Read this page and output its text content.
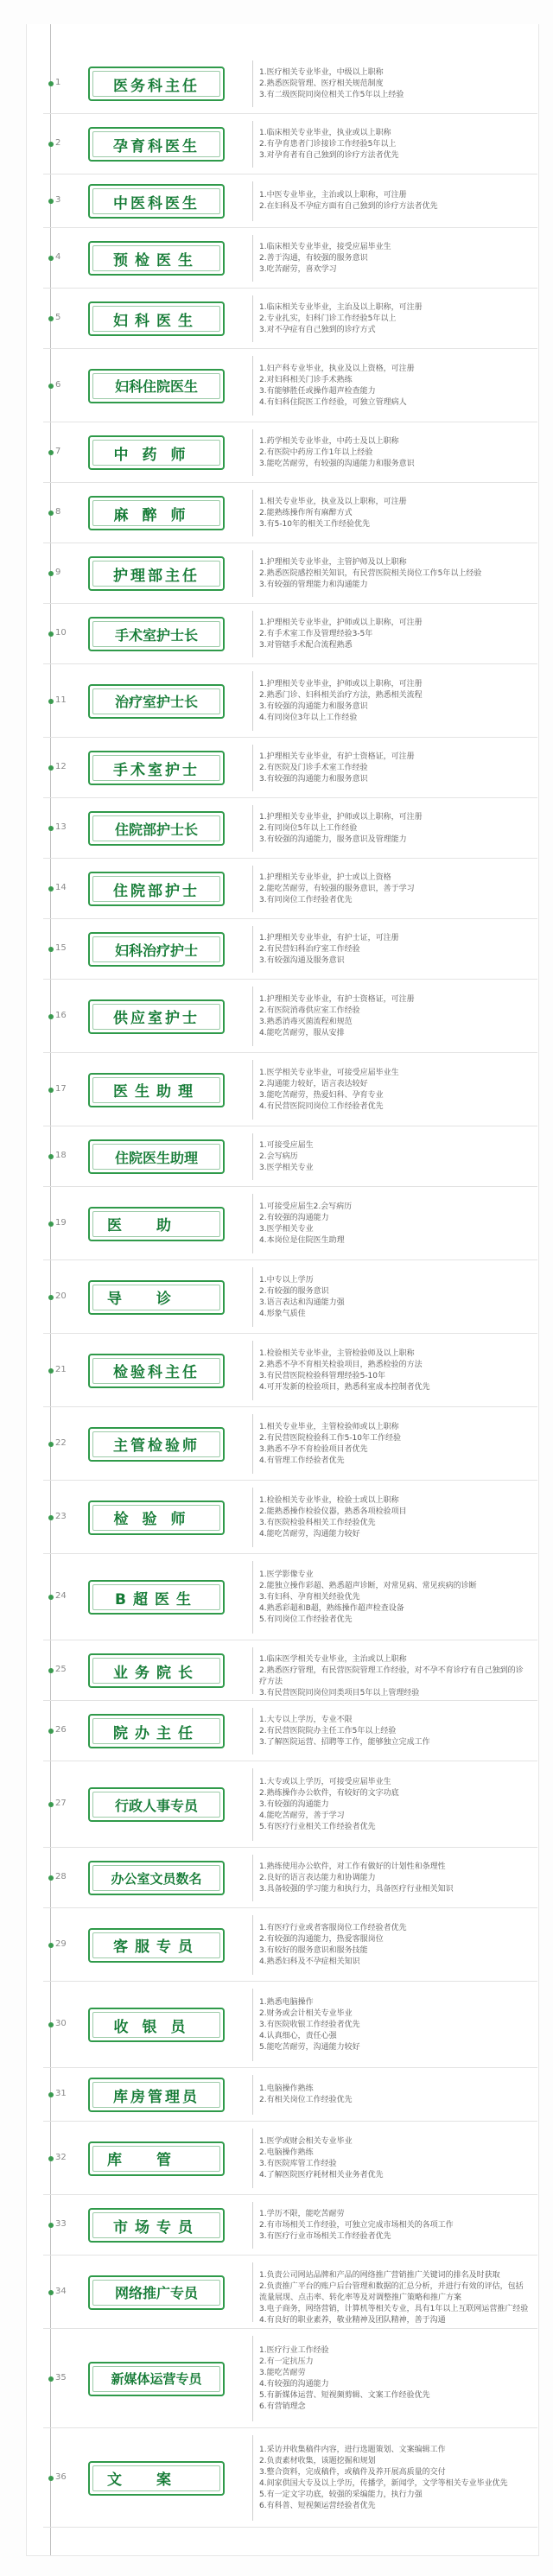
1	医务科主任
1.医疗相关专业毕业，中级以上职称
2.熟悉医院管理、医疗相关规范制度
3.有二级医院同岗位相关工作5年以上经验
2	孕育科医生
1.临床相关专业毕业，执业或以上职称
2.有孕育患者门诊接诊工作经验5年以上
3.对孕育者有自己独到的诊疗方法者优先
3	中医科医生	1.中医专业毕业，主治或以上职称，可注册
2.在妇科及不孕症方面有自己独到的诊疗方法者优先
4	预检医生
1.临床相关专业毕业，接受应届毕业生
2.善于沟通，有较强的服务意识
3.吃苦耐劳，喜欢学习
5	妇科医生
1.临床相关专业毕业，主治及以上职称，可注册
2.专业扎实，妇科门诊工作经验5年以上
3.对不孕症有自己独到的诊疗方式
6	妇科住院医生
1.妇产科专业毕业，执业及以上资格，可注册
2.对妇科相关门诊手术熟练
3.有能够胜任或操作超声检查能力
4.有妇科住院医工作经验，可独立管理病人
7	中药师
1.药学相关专业毕业，中药士及以上职称
2.有医院中药房工作1年以上经验
3.能吃苦耐劳，有较强的沟通能力和服务意识
8	麻醉师
1.相关专业毕业，执业及以上职称，可注册
2.能熟练操作所有麻醉方式
3.有5-10年的相关工作经验优先
9	护理部主任
1.护理相关专业毕业，主管护师及以上职称
2.熟悉医院感控相关知识，有民营医院相关岗位工作5年以上经验
3.有较强的管理能力和沟通能力
10	手术室护士长
1.护理相关专业毕业，护师或以上职称，可注册
2.有手术室工作及管理经验3-5年
3.对管辖手术配合流程熟悉
11	治疗室护士长
1.护理相关专业毕业，护师或以上职称，可注册
2.熟悉门诊、妇科相关治疗方法，熟悉相关流程
3.有较强的沟通能力和服务意识
4.有同岗位3年以上工作经验
12	手术室护士
1.护理相关专业毕业，有护士资格证，可注册
2.有医院及门诊手术室工作经验
3.有较强的沟通能力和服务意识
13	住院部护士长
1.护理相关专业毕业，护师或以上职称，可注册
2.有同岗位5年以上工作经验
3.有较强的沟通能力，服务意识及管理能力
14	住院部护士
1.护理相关专业毕业，护士或以上资格
2.能吃苦耐劳，有较强的服务意识，善于学习
3.有同岗位工作经验者优先
15	妇科治疗护士
1.护理相关专业毕业，有护士证，可注册
2.有民营妇科治疗室工作经验
3.有较强沟通及服务意识
16	供应室护士
1.护理相关专业毕业，有护士资格证，可注册
2.有医院消毒供应室工作经验
3.熟悉消毒灭菌流程和规范
4.能吃苦耐劳，服从安排
17	医生助理
1.医学相关专业毕业，可接受应届毕业生
2.沟通能力较好，语言表达较好
3.能吃苦耐劳，热爱妇科、孕育专业
4.有民营医院同岗位工作经验者优先
18	住院医生助理
1.可接受应届生
2.会写病历
3.医学相关专业
19	医助
1.可接受应届生2.会写病历
2.有较强的沟通能力
3.医学相关专业
4.本岗位是住院医生助理
20	导诊
1.中专以上学历
2.有较强的服务意识
3.语言表达和沟通能力强
4.形象气质佳
21	检验科主任
1.检验相关专业毕业，主管检验师及以上职称
2.熟悉不孕不育相关检验项目，熟悉检验的方法
3.有民营医院检验科管理经验5-10年
4.可开发新的检验项目，熟悉科室成本控制者优先
22	主管检验师
1.相关专业毕业，主管检验师或以上职称
2.有民营医院检验科工作5-10年工作经验
3.熟悉不孕不育检验项目者优先
4.有管理工作经验者优先
23	检验师
1.检验相关专业毕业，检验士或以上职称
2.能熟悉操作检验仪器，熟悉各项检验项目
3.有医院检验科相关工作经验优先
4.能吃苦耐劳，沟通能力较好
24	B超医生
1.医学影像专业
2.能独立操作彩超、熟悉超声诊断，对常见病、常见疾病的诊断
3.有妇科、孕育相关经验优先
4.熟悉彩超和B超，熟练操作超声检查设备
5.有同岗位工作经验者优先
25	业务院长
1.临床医学相关专业毕业，主治或以上职称
2.熟悉医疗管理，有民营医院管理工作经验，对不孕不育诊疗有自己独到的诊疗方法
3.有民营医院同岗位同类项目5年以上管理经验
26	院办主任
1.大专以上学历，专业不限
2.有民营医院院办主任工作5年以上经验
3.了解医院运营、招聘等工作，能够独立完成工作
27	行政人事专员
1.大专或以上学历，可接受应届毕业生
2.熟练操作办公软件，有较好的文字功底
3.有较强的沟通能力
4.能吃苦耐劳，善于学习
5.有医疗行业相关工作经验者优先
28	办公室文员数名
1.熟练使用办公软件，对工作有做好的计划性和条理性
2.良好的语言表达能力和协调能力
3.具备较强的学习能力和执行力，具备医疗行业相关知识
29	客服专员
1.有医疗行业或者客服岗位工作经验者优先
2.有较强的沟通能力，热爱客服岗位
3.有较好的服务意识和服务技能
4.熟悉妇科及不孕症相关知识
30	收银员
1.熟悉电脑操作
2.财务或会计相关专业毕业
3.有医院收银工作经验者优先
4.认真细心，责任心强
5.能吃苦耐劳，沟通能力较好
31	库房管理员	1.电脑操作熟练
2.有相关岗位工作经验优先
32	库管
1.医学或财会相关专业毕业
2.电脑操作熟练
3.有医院库管工作经验
4.了解医院医疗耗材相关业务者优先
33	市场专员
1.学历不限，能吃苦耐劳
2.有市场相关工作经验，可独立完成市场相关的各项工作
3.有医疗行业市场相关工作经验者优先
34	网络推广专员
1.负责公司网站品牌和产品的网络推广营销推广关键词的排名及时获取
2.负责推广平台的账户后台管理和数据的汇总分析，并进行有效的评估，包括流量展现、点击率、转化率等及对调整推广策略和推广方案
3.电子商务，网络营销，计算机等相关专业，具有1年以上互联网运营推广经验
4.有良好的职业素养，敬业精神及团队精神，善于沟通
35	新媒体运营专员
1.医疗行业工作经验
2.有一定抗压力
3.能吃苦耐劳
4.有较强的沟通能力
5.有新媒体运营、短视频剪辑、文案工作经验优先
6.有营销理念
36	文案
1.采访并收集稿件内容，进行选题策划、文案编辑工作
2.负责素材收集，该题挖掘和规划
3.整合资料，完成稿件，或稿件及养开展高质量的交付
4.间家供国大专及以上学历，传播学，新闻学，文学等相关专业毕业优先
5.有一定文字功底，较强的采编能力，执行力强
6.有科普、短视频运营经验者优先
